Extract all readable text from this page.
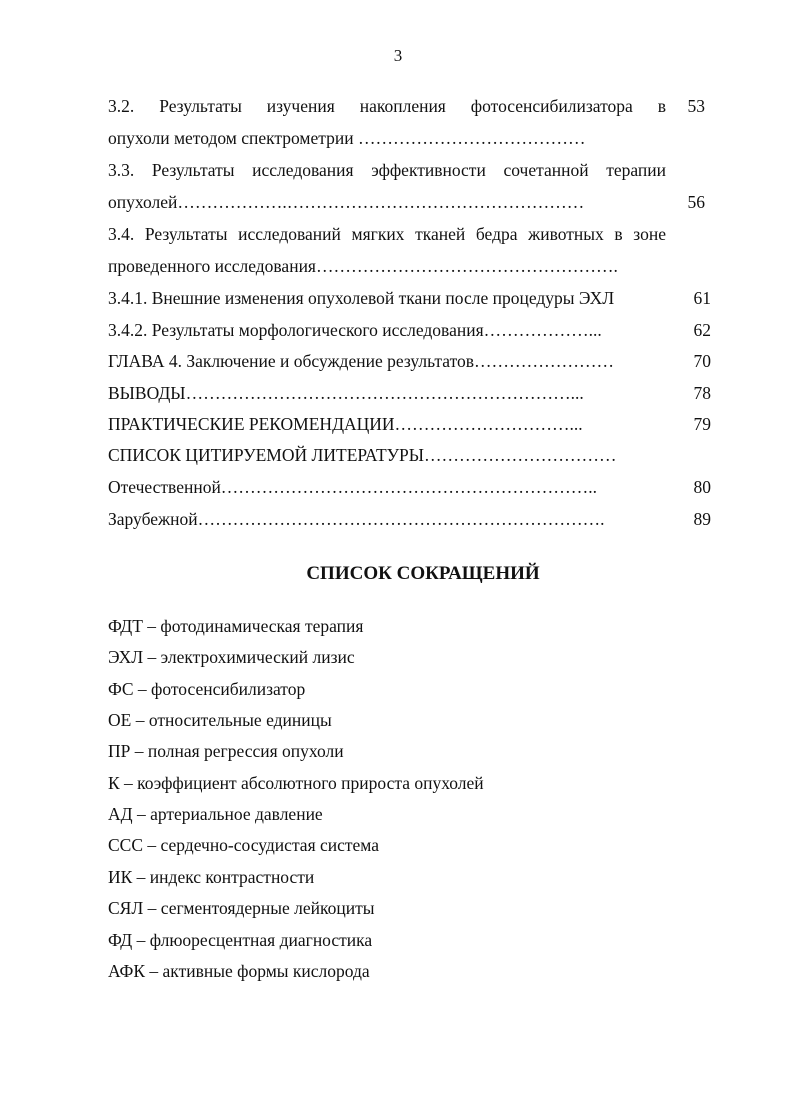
3
3.2. Результаты изучения накопления фотосенсибилизатора в	53
опухоли методом спектрометрии …………………………………
3.3. Результаты исследования эффективности сочетанной терапии
опухолей……………….……………………………………………	56
3.4. Результаты исследований мягких тканей бедра животных в зоне
проведенного исследования…………………………………………….
3.4.1. Внешние изменения опухолевой ткани после процедуры ЭХЛ	61
3.4.2. Результаты морфологического исследования………………...	62
ГЛАВА 4. Заключение и обсуждение результатов……………………	70
ВЫВОДЫ…………………………………………………………...	78
ПРАКТИЧЕСКИЕ РЕКОМЕНДАЦИИ…………………………...	79
СПИСОК ЦИТИРУЕМОЙ ЛИТЕРАТУРЫ……………………………
Отечественной………………………………………………………..	80
Зарубежной…………………………………………………………….	89
СПИСОК СОКРАЩЕНИЙ
ФДТ – фотодинамическая терапия
ЭХЛ – электрохимический лизис
ФС – фотосенсибилизатор
ОЕ – относительные единицы
ПР – полная регрессия опухоли
К – коэффициент абсолютного прироста опухолей
АД – артериальное давление
ССС – сердечно-сосудистая система
ИК – индекс контрастности
СЯЛ – сегментоядерные лейкоциты
ФД – флюоресцентная диагностика
АФК – активные формы кислорода
